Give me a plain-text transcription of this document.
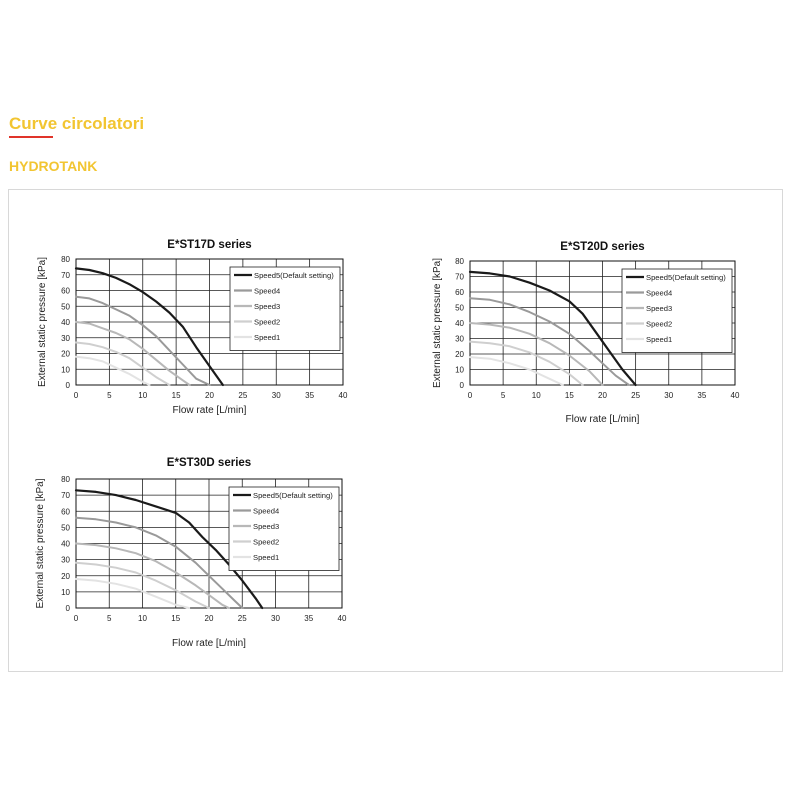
Curve circolatori
HYDROTANK
E*ST17D series
0	5	10	15	20	25	30	35	40
0
10
20
30
40
50
60
70
80
Flow rate [L/min]
External static pressure [kPa]	Speed5(Default setting)
Speed4
Speed3
Speed2
Speed1
E*ST20D series
0	5	10	15	20	25	30	35	40
0
10
20
30
40
50
60
70
80
Flow rate [L/min]
External static pressure [kPa]	Speed5(Default setting)
Speed4
Speed3
Speed2
Speed1
E*ST30D series
0	5	10	15	20	25	30	35	40
0
10
20
30
40
50
60
70
80
Flow rate [L/min]
External static pressure [kPa]	Speed5(Default setting)
Speed4
Speed3
Speed2
Speed1
